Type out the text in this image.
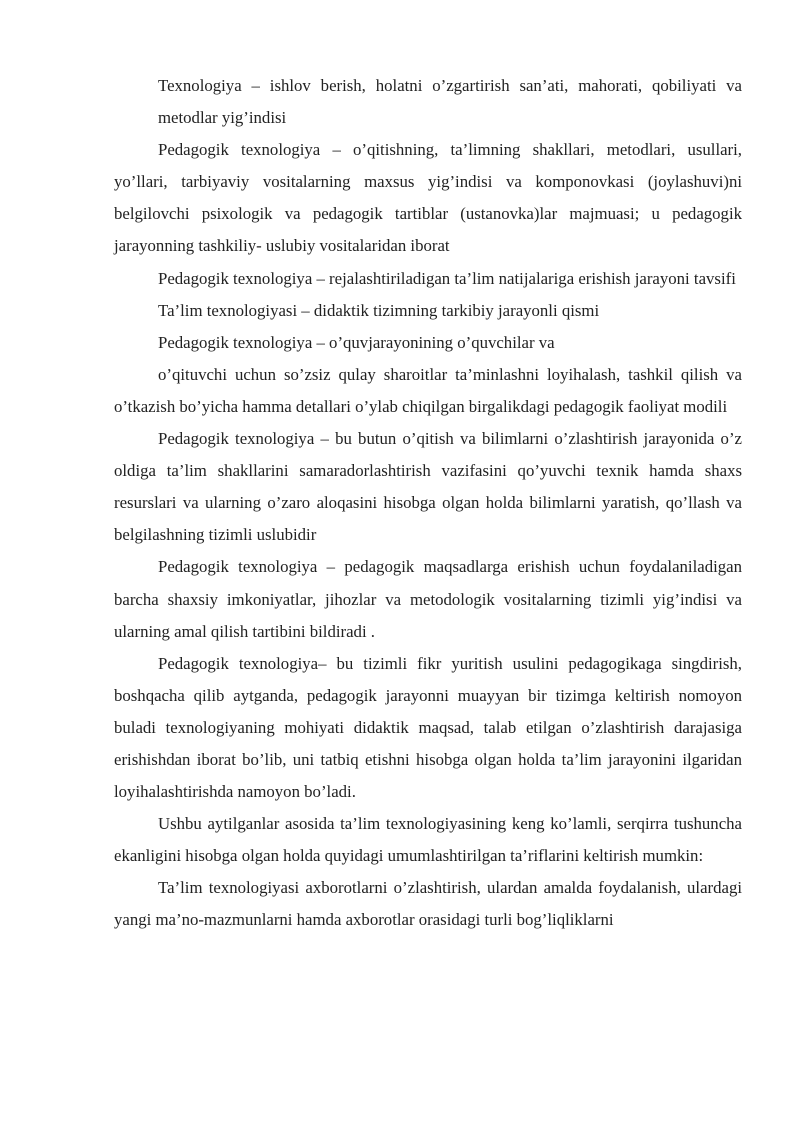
Texnologiya – ishlov berish, holatni o’zgartirish san’ati, mahorati, qobiliyati va metodlar yig’indisi

Pedagogik texnologiya – o’qitishning, ta’limning shakllari, metodlari, usullari, yo’llari, tarbiyaviy vositalarning maxsus yig’indisi va komponovkasi (joylashuvi)ni belgilovchi psixologik va pedagogik tartiblar (ustanovka)lar majmuasi; u pedagogik jarayonning tashkiliy- uslubiy vositalaridan iborat

Pedagogik texnologiya – rejalashtiriladigan ta’lim natijalariga erishish jarayoni tavsifi

Ta’lim texnologiyasi – didaktik tizimning tarkibiy jarayonli qismi

Pedagogik texnologiya – o’quvjarayonining o’quvchilar va

o’qituvchi uchun so’zsiz qulay sharoitlar ta’minlashni loyihalash, tashkil qilish va o’tkazish bo’yicha hamma detallari o’ylab chiqilgan birgalikdagi pedagogik faoliyat modili

Pedagogik texnologiya – bu butun o’qitish va bilimlarni o’zlashtirish jarayonida o’z oldiga ta’lim shakllarini samaradorlashtirish vazifasini qo’yuvchi texnik hamda shaxs resurslari va ularning o’zaro aloqasini hisobga olgan holda bilimlarni yaratish, qo’llash va belgilashning tizimli uslubidir

Pedagogik texnologiya – pedagogik maqsadlarga erishish uchun foydalaniladigan barcha shaxsiy imkoniyatlar, jihozlar va metodologik vositalarning tizimli yig’indisi va ularning amal qilish tartibini bildiradi .

Pedagogik texnologiya– bu tizimli fikr yuritish usulini pedagogikaga singdirish, boshqacha qilib aytganda, pedagogik jarayonni muayyan bir tizimga keltirish nomoyon buladi texnologiyaning mohiyati didaktik maqsad, talab etilgan o’zlashtirish darajasiga erishishdan iborat bo’lib, uni tatbiq etishni hisobga olgan holda ta’lim jarayonini ilgaridan loyihalashtirishda namoyon bo’ladi.

Ushbu aytilganlar asosida ta’lim texnologiyasining keng ko’lamli, serqirra tushuncha ekanligini hisobga olgan holda quyidagi umumlashtirilgan ta’riflarini keltirish mumkin:

Ta’lim texnologiyasi axborotlarni o’zlashtirish, ulardan amalda foydalanish, ulardagi yangi ma’no-mazmunlarni hamda axborotlar orasidagi turli bog’liqliklarni
